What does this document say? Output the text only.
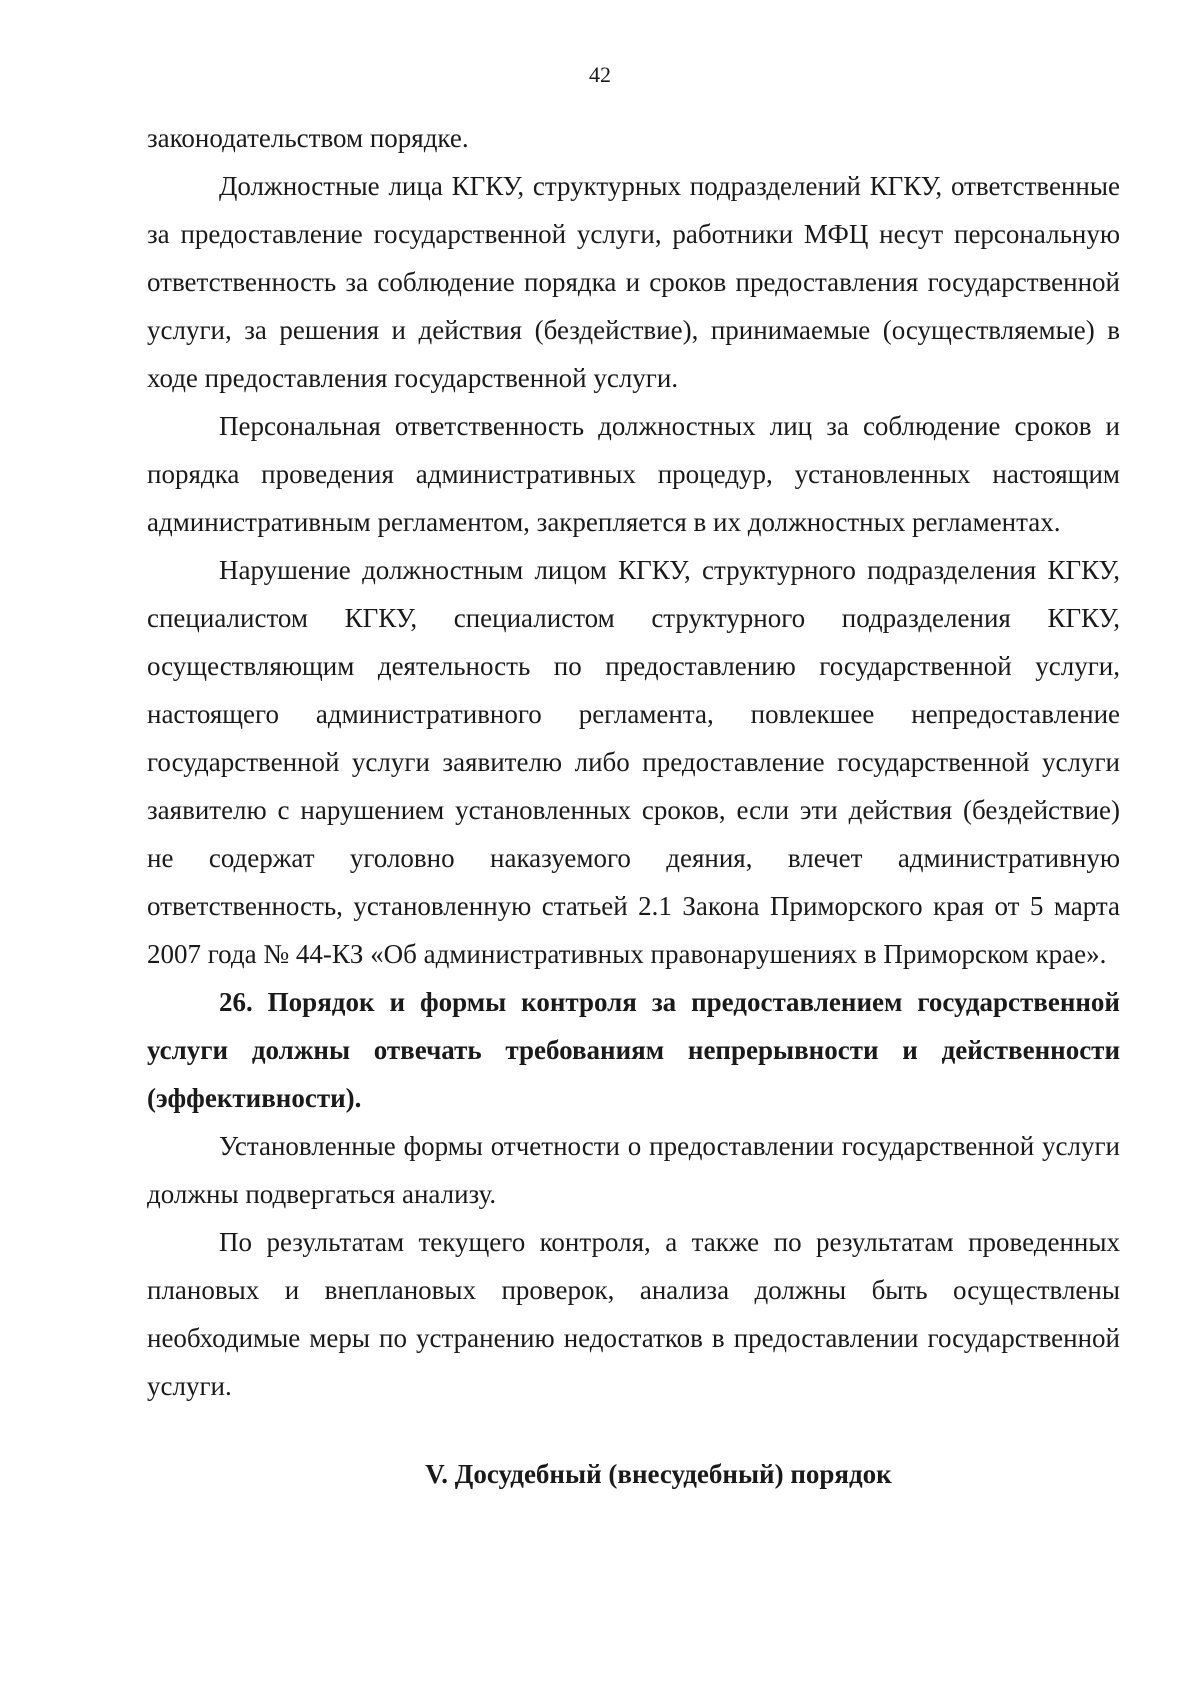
42

законодательством порядке.

Должностные лица КГКУ, структурных подразделений КГКУ, ответственные за предоставление государственной услуги, работники МФЦ несут персональную ответственность за соблюдение порядка и сроков предоставления государственной услуги, за решения и действия (бездействие), принимаемые (осуществляемые) в ходе предоставления государственной услуги.

Персональная ответственность должностных лиц за соблюдение сроков и порядка проведения административных процедур, установленных настоящим административным регламентом, закрепляется в их должностных регламентах.

Нарушение должностным лицом КГКУ, структурного подразделения КГКУ, специалистом КГКУ, специалистом структурного подразделения КГКУ, осуществляющим деятельность по предоставлению государственной услуги, настоящего административного регламента, повлекшее непредоставление государственной услуги заявителю либо предоставление государственной услуги заявителю с нарушением установленных сроков, если эти действия (бездействие) не содержат уголовно наказуемого деяния, влечет административную ответственность, установленную статьей 2.1 Закона Приморского края от 5 марта 2007 года № 44-КЗ «Об административных правонарушениях в Приморском крае».

26. Порядок и формы контроля за предоставлением государственной услуги должны отвечать требованиям непрерывности и действенности (эффективности).

Установленные формы отчетности о предоставлении государственной услуги должны подвергаться анализу.

По результатам текущего контроля, а также по результатам проведенных плановых и внеплановых проверок, анализа должны быть осуществлены необходимые меры по устранению недостатков в предоставлении государственной услуги.

V. Досудебный (внесудебный) порядок
